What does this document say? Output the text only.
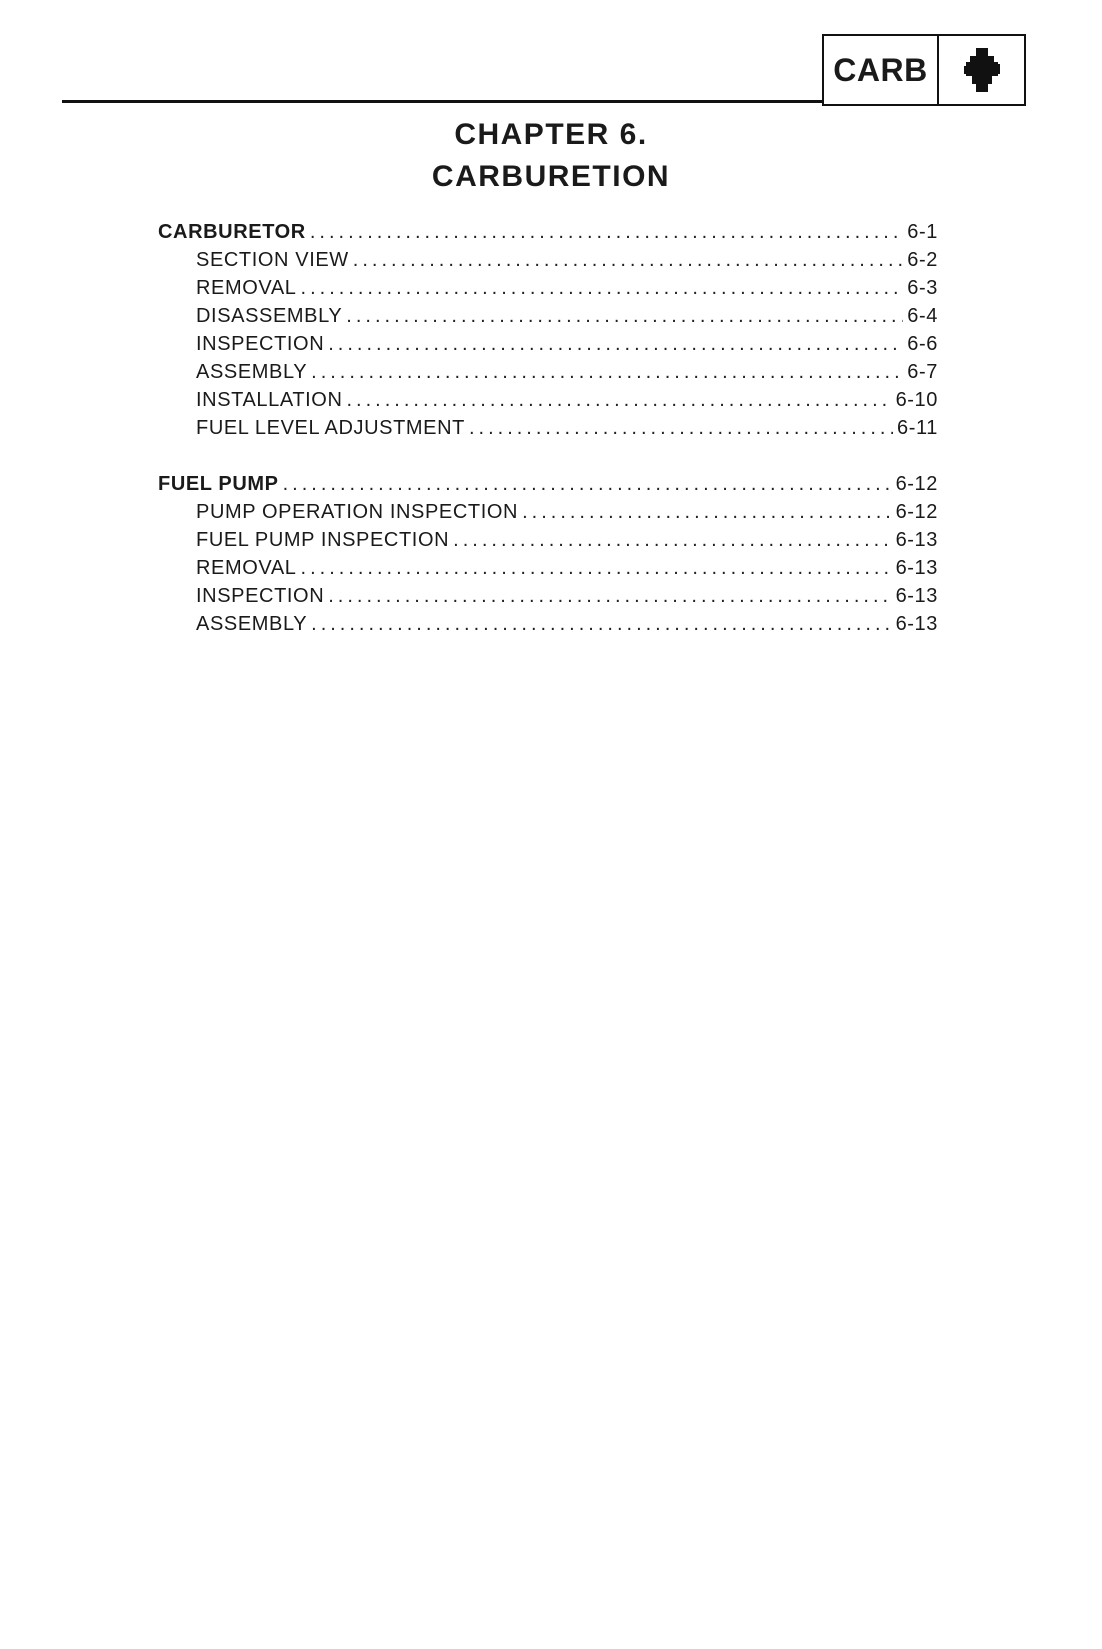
CARB
CHAPTER 6.
CARBURETION
CARBURETOR .....	6-1
SECTION VIEW .....	6-2
REMOVAL .....	6-3
DISASSEMBLY .....	6-4
INSPECTION .....	6-6
ASSEMBLY .....	6-7
INSTALLATION .....	6-10
FUEL LEVEL ADJUSTMENT .....	6-11
FUEL PUMP .....	6-12
PUMP OPERATION INSPECTION .....	6-12
FUEL PUMP INSPECTION .....	6-13
REMOVAL .....	6-13
INSPECTION .....	6-13
ASSEMBLY .....	6-13
